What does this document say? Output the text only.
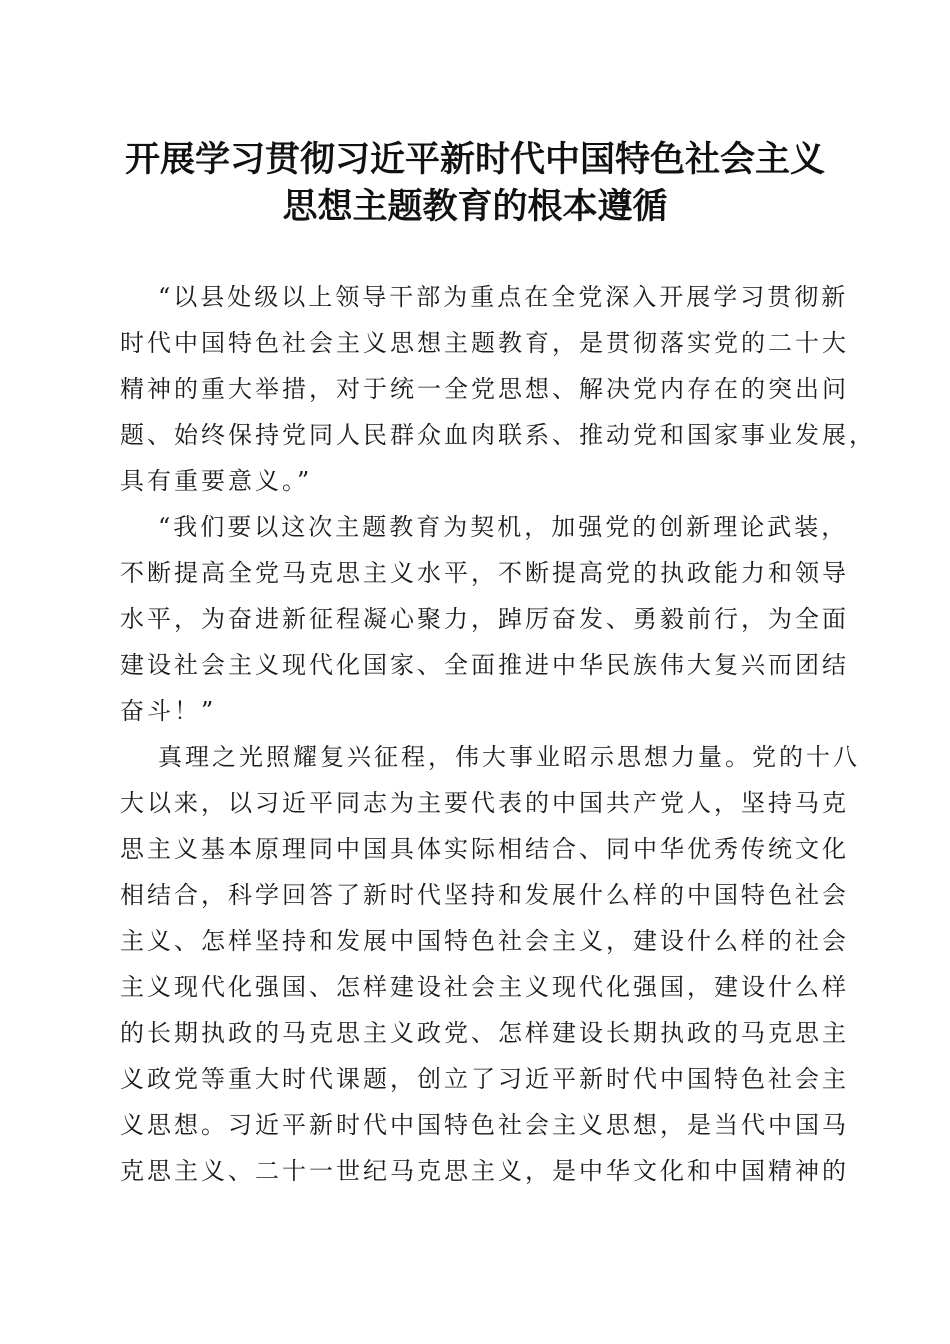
开展学习贯彻习近平新时代中国特色社会主义
思想主题教育的根本遵循
“以县处级以上领导干部为重点在全党深入开展学习贯彻新
时代中国特色社会主义思想主题教育，是贯彻落实党的二十大
精神的重大举措，对于统一全党思想、解决党内存在的突出问
题、始终保持党同人民群众血肉联系、推动党和国家事业发展，
具有重要意义。”
“我们要以这次主题教育为契机，加强党的创新理论武装，
不断提高全党马克思主义水平，不断提高党的执政能力和领导
水平，为奋进新征程凝心聚力，踔厉奋发、勇毅前行，为全面
建设社会主义现代化国家、全面推进中华民族伟大复兴而团结
奋斗！”
真理之光照耀复兴征程，伟大事业昭示思想力量。党的十八
大以来，以习近平同志为主要代表的中国共产党人，坚持马克
思主义基本原理同中国具体实际相结合、同中华优秀传统文化
相结合，科学回答了新时代坚持和发展什么样的中国特色社会
主义、怎样坚持和发展中国特色社会主义，建设什么样的社会
主义现代化强国、怎样建设社会主义现代化强国，建设什么样
的长期执政的马克思主义政党、怎样建设长期执政的马克思主
义政党等重大时代课题，创立了习近平新时代中国特色社会主
义思想。习近平新时代中国特色社会主义思想，是当代中国马
克思主义、二十一世纪马克思主义，是中华文化和中国精神的
